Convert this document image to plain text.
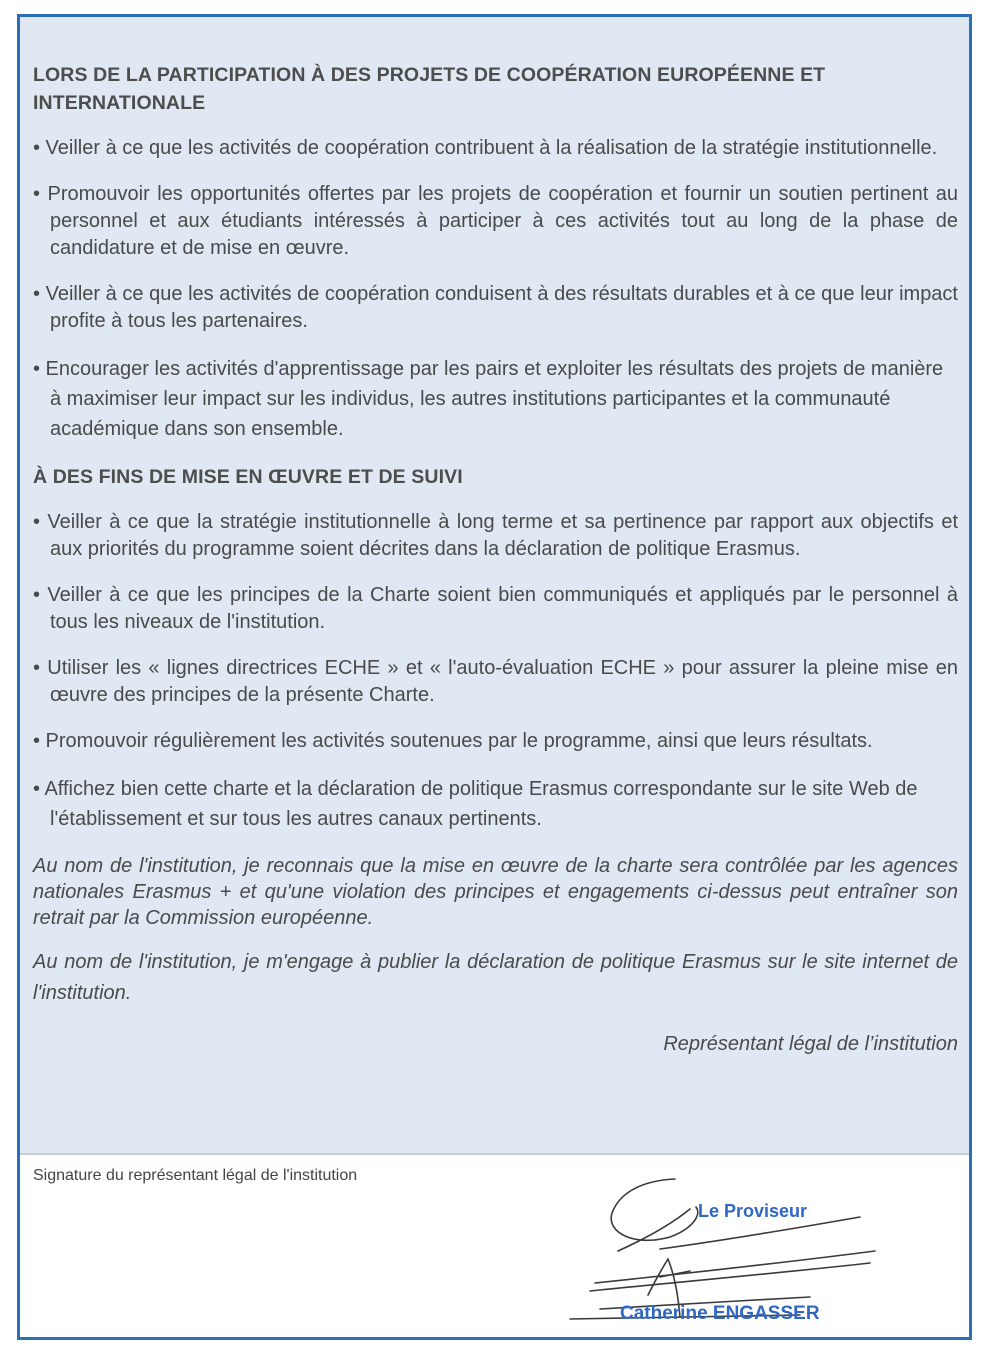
LORS DE LA PARTICIPATION À DES PROJETS DE COOPÉRATION EUROPÉENNE ET INTERNATIONALE

• Veiller à ce que les activités de coopération contribuent à la réalisation de la stratégie institutionnelle.

• Promouvoir les opportunités offertes par les projets de coopération et fournir un soutien pertinent au personnel et aux étudiants intéressés à participer à ces activités tout au long de la phase de candidature et de mise en œuvre.

• Veiller à ce que les activités de coopération conduisent à des résultats durables et à ce que leur impact profite à tous les partenaires.

• Encourager les activités d'apprentissage par les pairs et exploiter les résultats des projets de manière à maximiser leur impact sur les individus, les autres institutions participantes et la communauté académique dans son ensemble.

À DES FINS DE MISE EN ŒUVRE ET DE SUIVI

• Veiller à ce que la stratégie institutionnelle à long terme et sa pertinence par rapport aux objectifs et aux priorités du programme soient décrites dans la déclaration de politique Erasmus.

• Veiller à ce que les principes de la Charte soient bien communiqués et appliqués par le personnel à tous les niveaux de l'institution.

• Utiliser les « lignes directrices ECHE » et « l'auto-évaluation ECHE » pour assurer la pleine mise en œuvre des principes de la présente Charte.

• Promouvoir régulièrement les activités soutenues par le programme, ainsi que leurs résultats.

• Affichez bien cette charte et la déclaration de politique Erasmus correspondante sur le site Web de l'établissement et sur tous les autres canaux pertinents.

Au nom de l'institution, je reconnais que la mise en œuvre de la charte sera contrôlée par les agences nationales Erasmus + et qu'une violation des principes et engagements ci-dessus peut entraîner son retrait par la Commission européenne.

Au nom de l'institution, je m'engage à publier la déclaration de politique Erasmus sur le site internet de l'institution.

Représentant légal de l’institution
Signature du représentant légal de l'institution
Le Proviseur
Catherine ENGASSER
